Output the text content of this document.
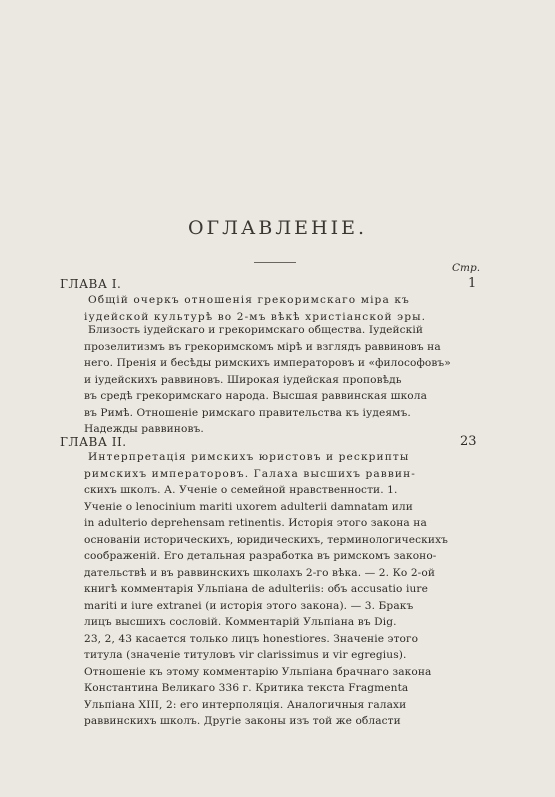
ОГЛАВЛЕНІЕ.
Стр.
ГЛАВА I.	1
Общій очеркъ отношенія грекоримскаго міра къ
іудейской культурѣ во 2-мъ вѣкѣ христіанской эры.
Близость іудейскаго и грекоримскаго общества. Іудейскій
прозелитизмъ въ грекоримскомъ мірѣ и взглядъ раввиновъ на
него. Пренія и бесѣды римскихъ императоровъ и «философовъ»
и іудейскихъ раввиновъ. Широкая іудейская проповѣдь
въ средѣ грекоримскаго народа. Высшая раввинская школа
въ Римѣ. Отношеніе римскаго правительства къ іудеямъ.
Надежды раввиновъ.
ГЛАВА II.	23
Интерпретація римскихъ юристовъ и рескрипты
римскихъ императоровъ. Галаха высшихъ раввин-
скихъ школъ. А. Ученіе о семейной нравственности. 1.
Ученіе о lenocinium mariti uxorem adulterii damnatam или
in adulterio deprehensam retinentis. Исторія этого закона на
основаніи историческихъ, юридическихъ, терминологическихъ
соображеній. Его детальная разработка въ римскомъ законо-
дательствѣ и въ раввинскихъ школахъ 2-го вѣка. — 2. Ко 2-ой
книгѣ комментарія Ульпіана de adulteriis: объ accusatio iure
mariti и iure extranei (и исторія этого закона). — 3. Бракъ
лицъ высшихъ сословій. Комментарій Ульпіана въ Dig.
23, 2, 43 касается только лицъ honestiores. Значеніе этого
титула (значеніе титуловъ vir clarissimus и vir egregius).
Отношеніе къ этому комментарію Ульпіана брачнаго закона
Константина Великаго 336 г. Критика текста Fragmenta
Ульпіана XIII, 2: его интерполяція. Аналогичныя галахи
раввинскихъ школъ. Другіе законы изъ той же области
